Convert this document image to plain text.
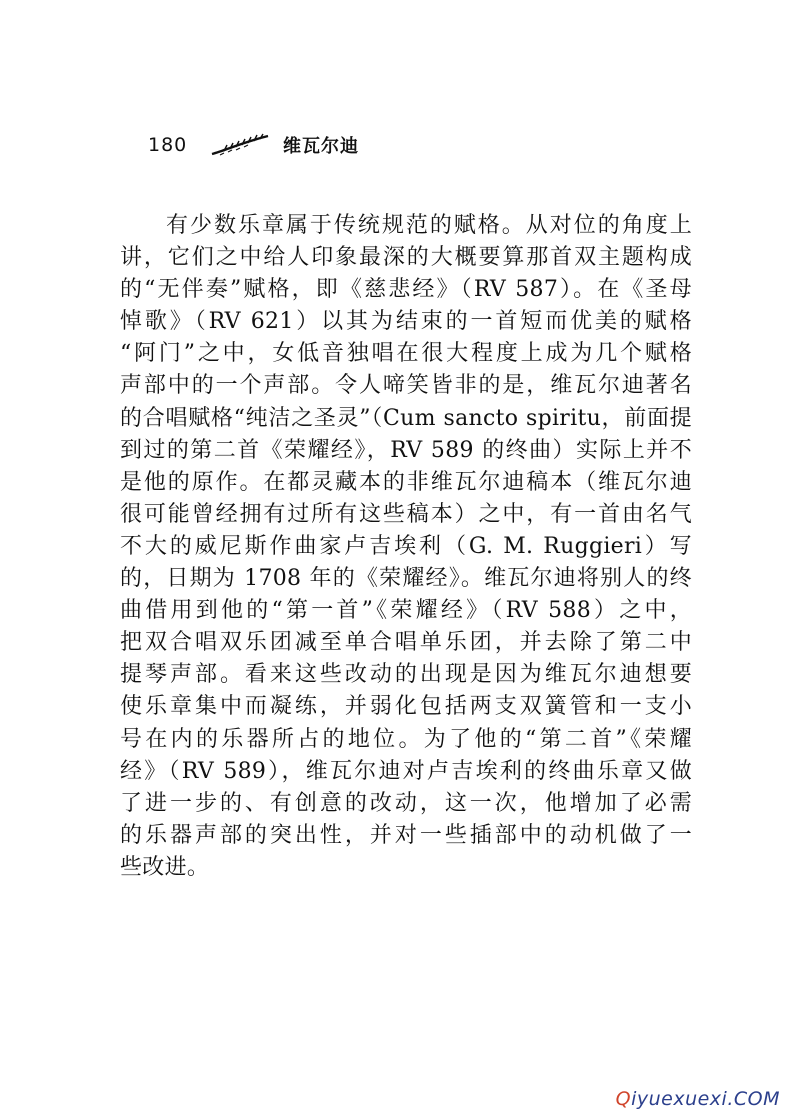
180	维瓦尔迪
有少数乐章属于传统规范的赋格。从对位的角度上
讲，它们之中给人印象最深的大概要算那首双主题构成
的“无伴奏”赋格，即《慈悲经》（RV 587）。在《圣母
悼歌》（RV 621）以其为结束的一首短而优美的赋格
“阿门”之中，女低音独唱在很大程度上成为几个赋格
声部中的一个声部。令人啼笑皆非的是，维瓦尔迪著名
的合唱赋格“纯洁之圣灵”（Cum sancto spiritu，前面提
到过的第二首《荣耀经》，RV 589 的终曲）实际上并不
是他的原作。在都灵藏本的非维瓦尔迪稿本（维瓦尔迪
很可能曾经拥有过所有这些稿本）之中，有一首由名气
不大的威尼斯作曲家卢吉埃利（G. M. Ruggieri）写
的，日期为 1708 年的《荣耀经》。维瓦尔迪将别人的终
曲借用到他的“第一首”《荣耀经》（RV 588）之中，
把双合唱双乐团减至单合唱单乐团，并去除了第二中
提琴声部。看来这些改动的出现是因为维瓦尔迪想要
使乐章集中而凝练，并弱化包括两支双簧管和一支小
号在内的乐器所占的地位。为了他的“第二首”《荣耀
经》（RV 589），维瓦尔迪对卢吉埃利的终曲乐章又做
了进一步的、有创意的改动，这一次，他增加了必需
的乐器声部的突出性，并对一些插部中的动机做了一
些改进。
Qiyuexuexi.COM
